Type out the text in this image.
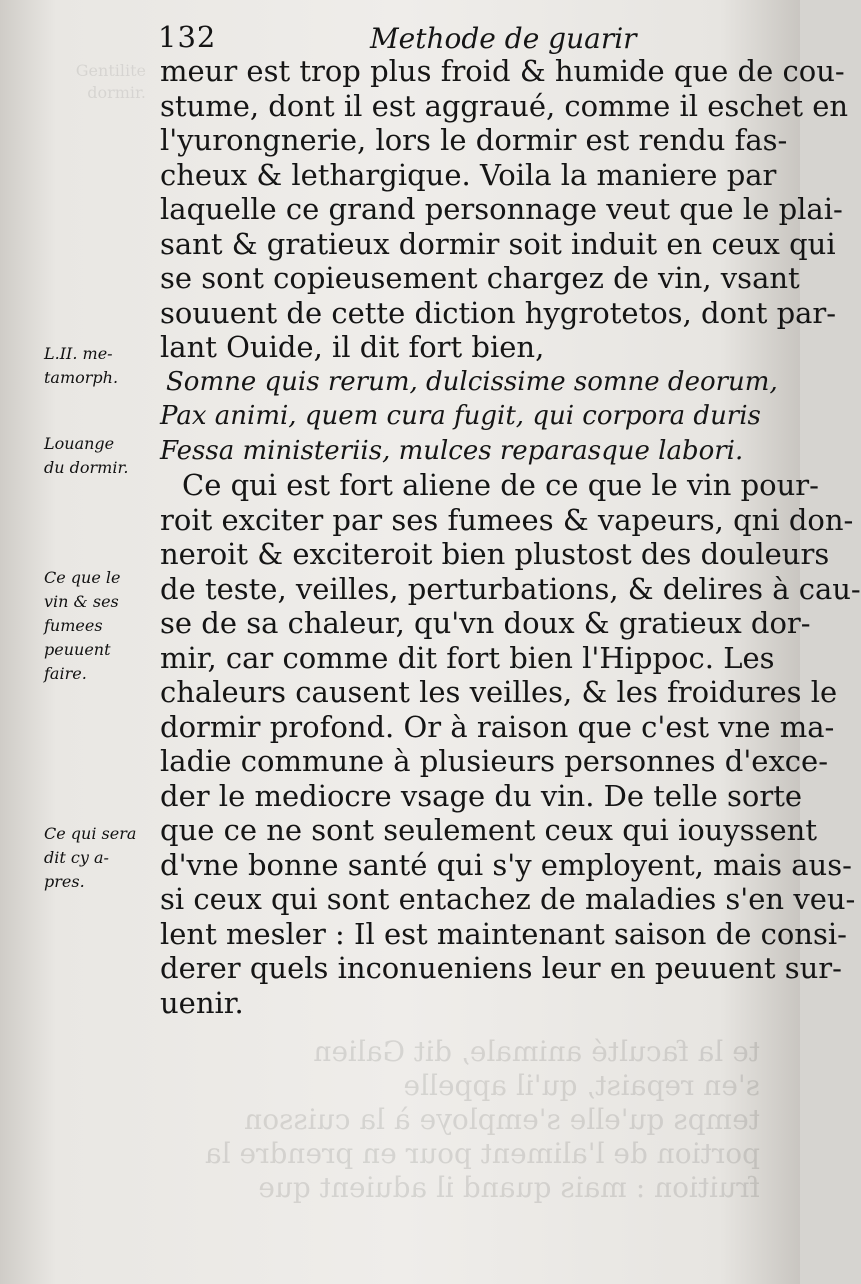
Gentilite
dormir.
te la faculté animale, dit Galien
s'en repaist, qu'il appelle
temps qu'elle s'employe à la cuisson
portion de l'aliment pour en prendre la
fruition : mais quand il aduient que
132	Methode de guarir
meur est trop plus froid & humide que de cou-
stume, dont il est aggraué, comme il eschet en
l'yurongnerie, lors le dormir est rendu fas-
cheux & lethargique. Voila la maniere par
laquelle ce grand personnage veut que le plai-
sant & gratieux dormir soit induit en ceux qui
se sont copieusement chargez de vin, vsant
souuent de cette diction hygrotetos, dont par-
lant Ouide, il dit fort bien,
Somne quis rerum, dulcissime somne deorum,
Pax animi, quem cura fugit, qui corpora duris
Fessa ministeriis, mulces reparasque labori.
Ce qui est fort aliene de ce que le vin pour-
roit exciter par ses fumees & vapeurs, qni don-
neroit & exciteroit bien plustost des douleurs
de teste, veilles, perturbations, & delires à cau-
se de sa chaleur, qu'vn doux & gratieux dor-
mir, car comme dit fort bien l'Hippoc. Les
chaleurs causent les veilles, & les froidures le
dormir profond. Or à raison que c'est vne ma-
ladie commune à plusieurs personnes d'exce-
der le mediocre vsage du vin. De telle sorte
que ce ne sont seulement ceux qui iouyssent
d'vne bonne santé qui s'y employent, mais aus-
si ceux qui sont entachez de maladies s'en veu-
lent mesler : Il est maintenant saison de consi-
derer quels inconueniens leur en peuuent sur-
uenir.
L.II. me-
tamorph.
Louange
du dormir.
Ce que le
vin & ses
fumees
peuuent
faire.
Ce qui sera
dit cy a-
pres.
